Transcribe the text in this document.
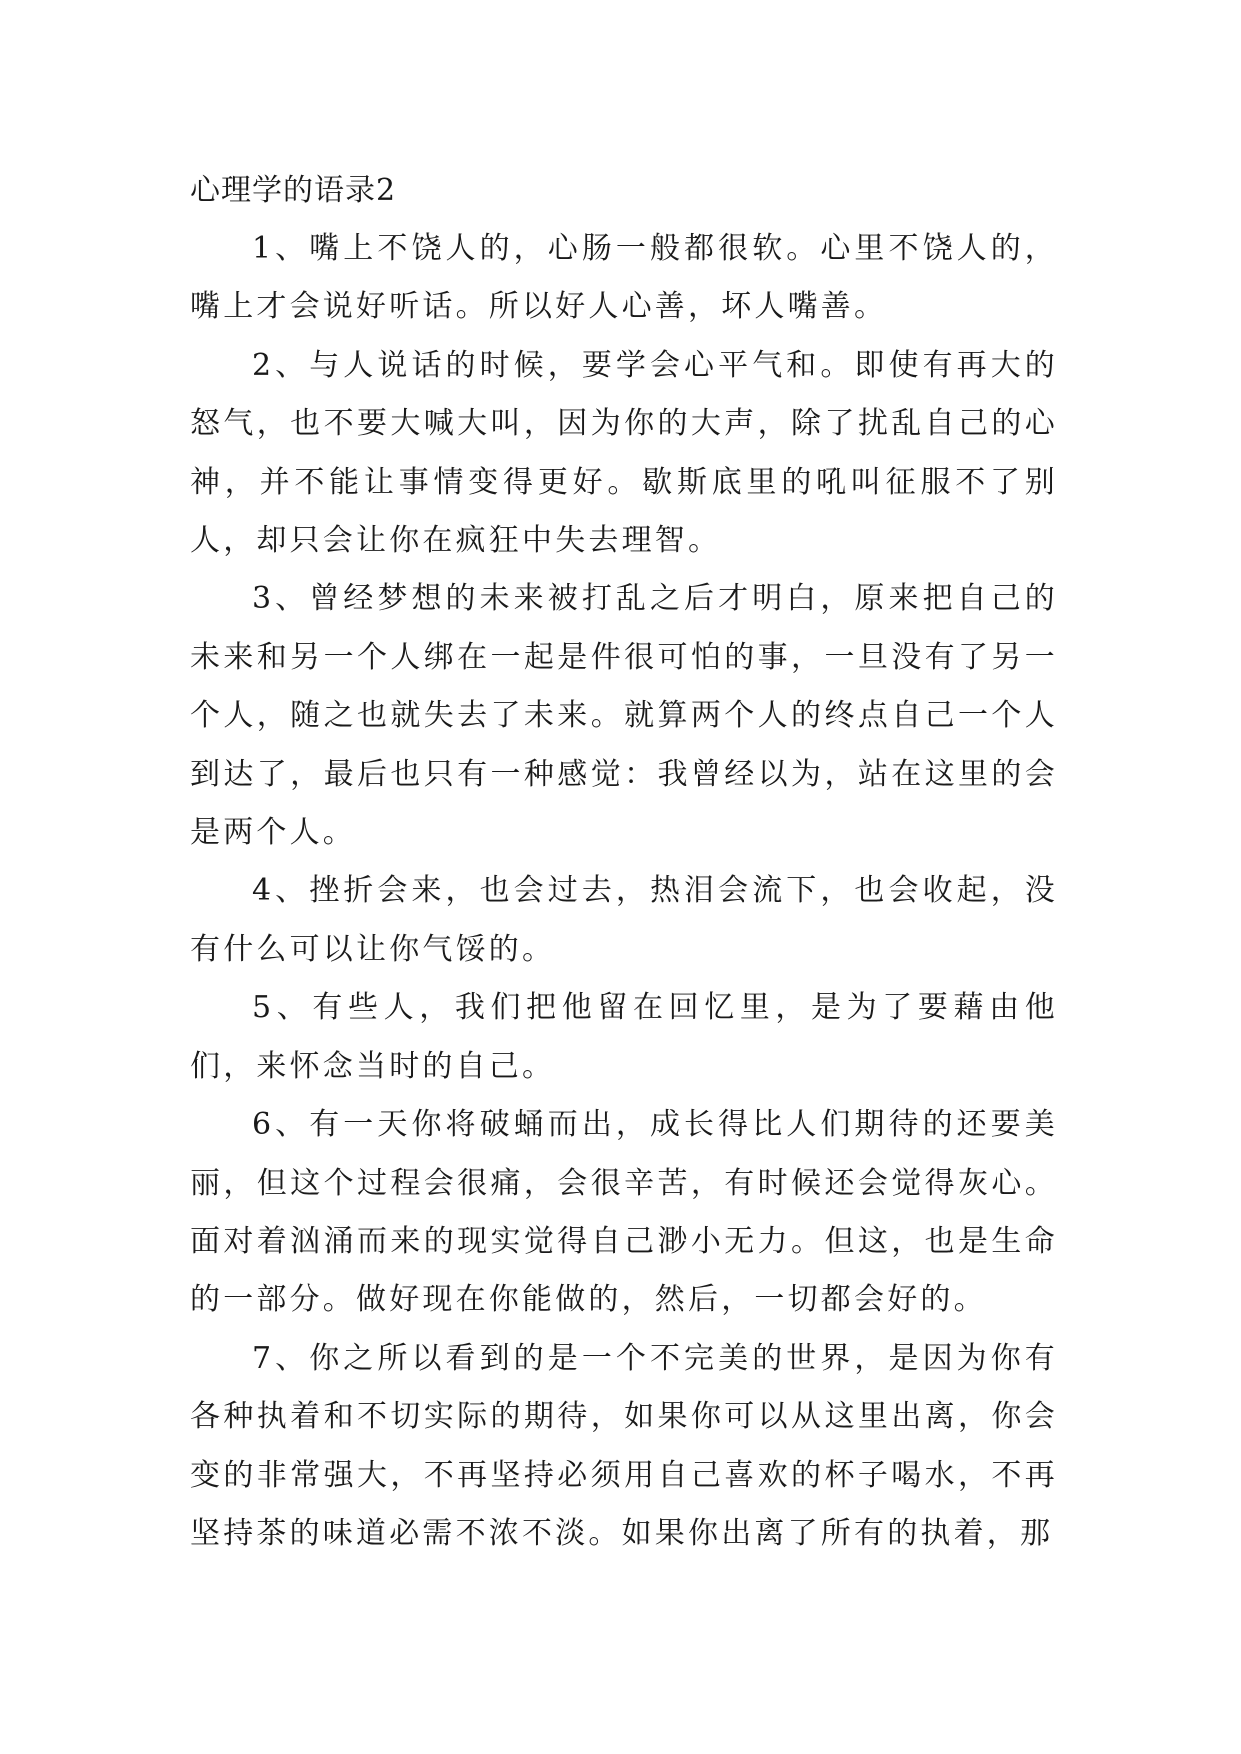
心理学的语录2

1、嘴上不饶人的，心肠一般都很软。心里不饶人的，嘴上才会说好听话。所以好人心善，坏人嘴善。

2、与人说话的时候，要学会心平气和。即使有再大的怒气，也不要大喊大叫，因为你的大声，除了扰乱自己的心神，并不能让事情变得更好。歇斯底里的吼叫征服不了别人，却只会让你在疯狂中失去理智。

3、曾经梦想的未来被打乱之后才明白，原来把自己的未来和另一个人绑在一起是件很可怕的事，一旦没有了另一个人，随之也就失去了未来。就算两个人的终点自己一个人到达了，最后也只有一种感觉：我曾经以为，站在这里的会是两个人。

4、挫折会来，也会过去，热泪会流下，也会收起，没有什么可以让你气馁的。

5、有些人，我们把他留在回忆里，是为了要藉由他们，来怀念当时的自己。

6、有一天你将破蛹而出，成长得比人们期待的还要美丽，但这个过程会很痛，会很辛苦，有时候还会觉得灰心。面对着汹涌而来的现实觉得自己渺小无力。但这，也是生命的一部分。做好现在你能做的，然后，一切都会好的。

7、你之所以看到的是一个不完美的世界，是因为你有各种执着和不切实际的期待，如果你可以从这里出离，你会变的非常强大，不再坚持必须用自己喜欢的杯子喝水，不再坚持茶的味道必需不浓不淡。如果你出离了所有的执着，那
